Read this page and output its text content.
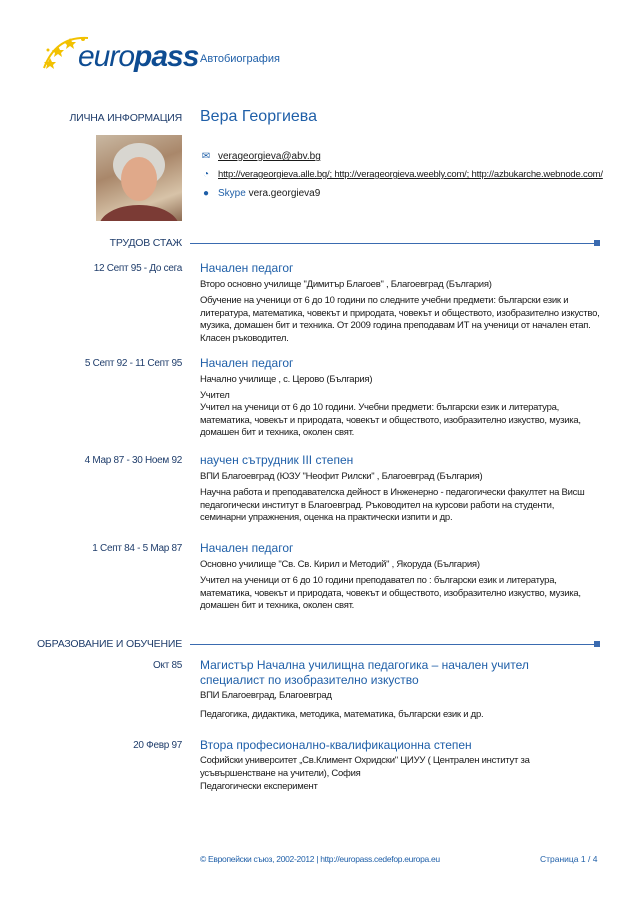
europass Автобиография
ЛИЧНА ИНФОРМАЦИЯ Вера Георгиева
✉ verageorgieva@abv.bg
◔ http://verageorgieva.alle.bg/; http://verageorgieva.weebly.com/; http://azbukarche.webnode.com/
● Skype vera.georgieva9
ТРУДОВ СТАЖ
12 Септ 95 - До сега Начален педагог
Второ основно училище "Димитър Благоев" , Благоевград (България)
Обучение на ученици от 6 до 10 години по следните учебни предмети: български език и литература, математика, човекът и природата, човекът и обществото, изобразително изкуство, музика, домашен бит и техника. От 2009 година преподавам ИТ на ученици от начален етап. Класен ръководител.
5 Септ 92 - 11 Септ 95 Начален педагог
Начално училище , с. Церово (България)
Учител
Учител на ученици от 6 до 10 години. Учебни предмети: български език и литература, математика, човекът и природата, човекът и обществото, изобразително изкуство, музика, домашен бит и техника, околен свят.
4 Мар 87 - 30 Ноем 92 научен сътрудник III степен
ВПИ Благоевград (ЮЗУ "Неофит Рилски" , Благоевград (България)
Научна работа и преподавателска дейност в Инженерно - педагогически факултет на Висш педагогически институт в Благоевград. Ръководител на курсови работи на студенти, семинарни упражнения, оценка на практически изпити и др.
1 Септ 84 - 5 Мар 87 Начален педагог
Основно училище "Св. Св. Кирил и Методий" , Якоруда (България)
Учител на ученици от 6 до 10 години преподавател по : български език и литература, математика, човекът и природата, човекът и обществото, изобразително изкуство, музика, домашен бит и техника, околен свят.
ОБРАЗОВАНИЕ И ОБУЧЕНИЕ
Окт 85 Магистър Начална училищна педагогика – начален учител специалист по изобразително изкуство
ВПИ Благоевград, Благоевград
Педагогика, дидактика, методика, математика, български език и др.
20 Февр 97 Втора професионално-квалификационна степен
Софийски университет „Св.Климент Охридски" ЦИУУ ( Централен институт за усъвършенстване на учители), София
Педагогически експеримент
© Европейски съюз, 2002-2012 | http://europass.cedefop.europa.eu	Страница 1 / 4
